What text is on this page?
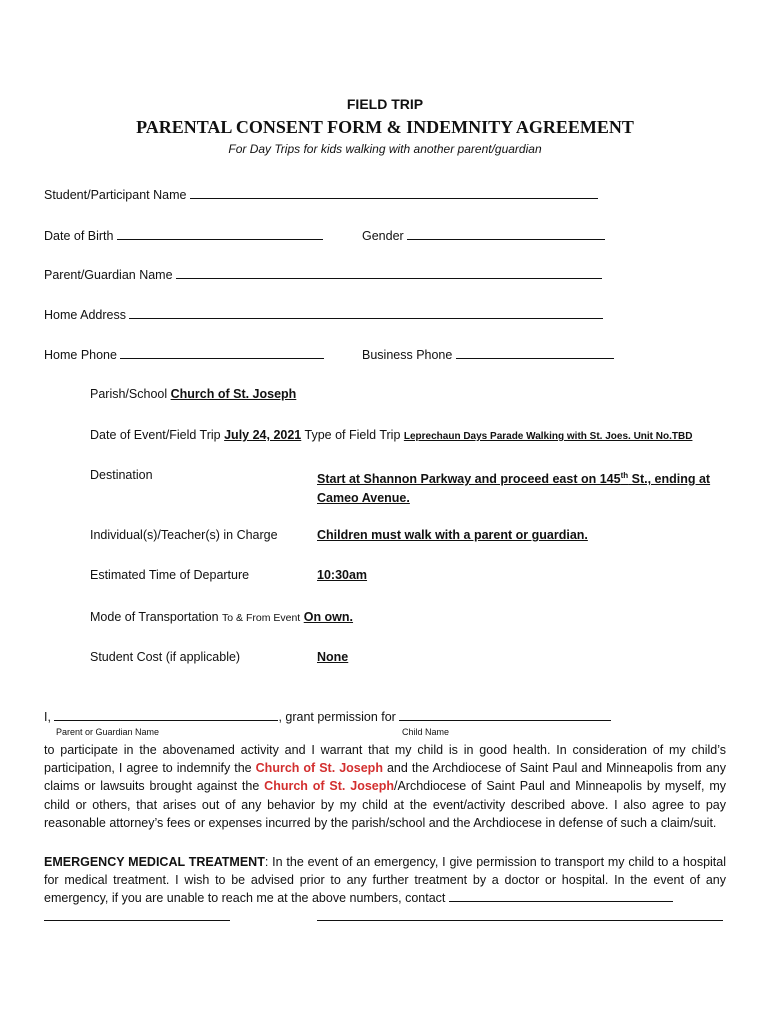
FIELD TRIP
PARENTAL CONSENT FORM & INDEMNITY AGREEMENT
For Day Trips for kids walking with another parent/guardian
Student/Participant Name
Date of Birth	Gender
Parent/Guardian Name
Home Address
Home Phone	Business Phone
Parish/School Church of St. Joseph
Date of Event/Field Trip July 24, 2021 Type of Field Trip Leprechaun Days Parade Walking with St. Joes. Unit No.TBD
Destination	Start at Shannon Parkway and proceed east on 145th St., ending at
Cameo Avenue.
Individual(s)/Teacher(s) in Charge	Children must walk with a parent or guardian.
Estimated Time of Departure	10:30am
Mode of Transportation To & From Event On own.
Student Cost (if applicable)	None
I,	, grant permission for
Parent or Guardian Name	Child Name
to participate in the abovenamed activity and I warrant that my child is in good health. In consideration of my child’s participation, I agree to indemnify the Church of St. Joseph and the Archdiocese of Saint Paul and Minneapolis from any claims or lawsuits brought against the Church of St. Joseph/Archdiocese of Saint Paul and Minneapolis by myself, my child or others, that arises out of any behavior by my child at the event/activity described above. I also agree to pay reasonable attorney’s fees or expenses incurred by the parish/school and the Archdiocese in defense of such a claim/suit.
EMERGENCY MEDICAL TREATMENT: In the event of an emergency, I give permission to transport my child to a hospital for medical treatment. I wish to be advised prior to any further treatment by a doctor or hospital. In the event of any emergency, if you are unable to reach me at the above numbers, contact
